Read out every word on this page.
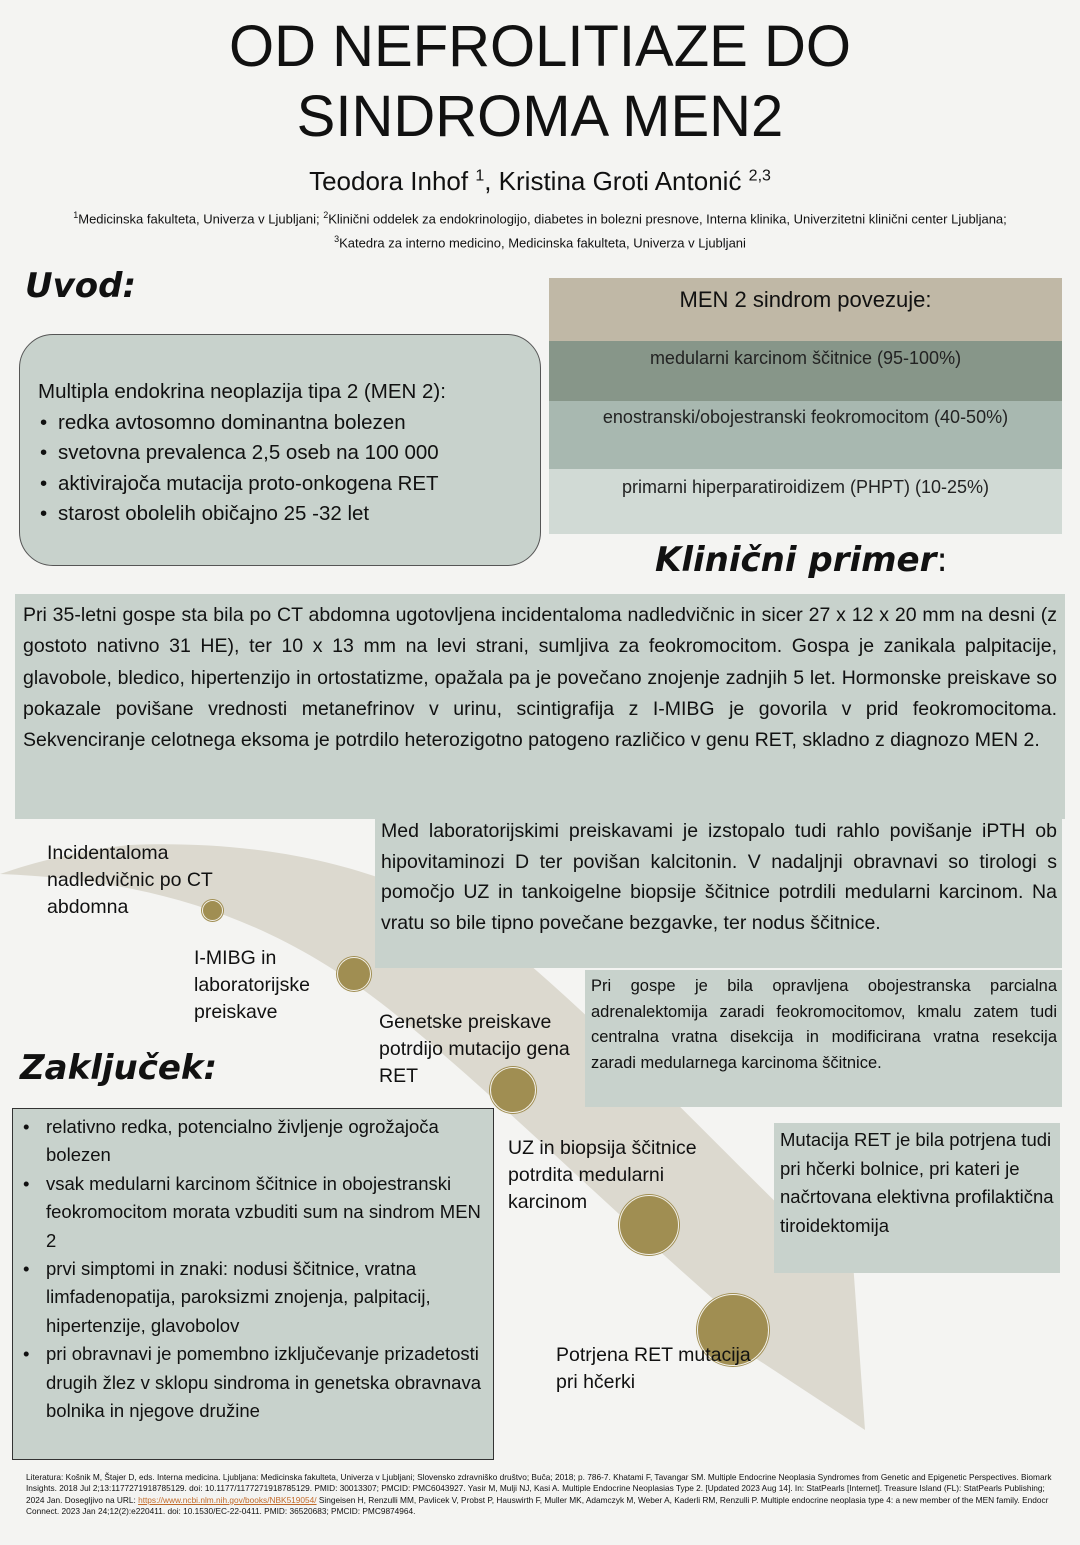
OD NEFROLITIAZE DO
SINDROMA MEN2
Teodora Inhof $^1$, Kristina Groti Antonić $^{2,3}$
$^1$Medicinska fakulteta, Univerza v Ljubljani; $^2$Klinični oddelek za endokrinologijo, diabetes in bolezni presnove, Interna klinika, Univerzitetni klinični center Ljubljana; $^3$Katedra za interno medicino, Medicinska fakulteta, Univerza v Ljubljani
Uvod:
Multipla endokrina neoplazija tipa 2 (MEN 2):
• redka avtosomno dominantna bolezen
• svetovna prevalenca 2,5 oseb na 100 000
• aktivirajoča mutacija proto-onkogena RET
• starost obolelih običajno 25 -32 let
MEN 2 sindrom povezuje:
medularni karcinom ščitnice (95-100%)
enostranski/obojestranski feokromocitom (40-50%)
primarni hiperparatiroidizem (PHPT) (10-25%)
Klinični primer:

Pri 35-letni gospe sta bila po CT abdomna ugotovljena incidentaloma nadledvičnic in sicer 27 x 12 x 20 mm na desni (z gostoto nativno 31 HE), ter 10 x 13 mm na levi strani, sumljiva za feokromocitom. Gospa je zanikala palpitacije, glavobole, bledico, hipertenzijo in ortostatizme, opažala pa je povečano znojenje zadnjih 5 let. Hormonske preiskave so pokazale povišane vrednosti metanefrinov v urinu, scintigrafija z I-MIBG je govorila v prid feokromocitoma. Sekvenciranje celotnega eksoma je potrdilo heterozigotno patogeno različico v genu RET, skladno z diagnozo MEN 2.

Incidentaloma nadledvičnic po CT abdomna
I-MIBG in laboratorijske preiskave	Genetske preiskave potrdijo mutacijo gena RET
UZ in biopsija ščitnice potrdita medularni karcinom
Potrjena RET mutacija pri hčerki

Med laboratorijskimi preiskavami je izstopalo tudi rahlo povišanje iPTH ob hipovitaminozi D ter povišan kalcitonin. V nadaljnji obravnavi so tirologi s pomočjo UZ in tankoigelne biopsije ščitnice potrdili medularni karcinom. Na vratu so bile tipno povečane bezgavke, ter nodus ščitnice.

Pri gospe je bila opravljena obojestranska parcialna adrenalektomija zaradi feokromocitomov, kmalu zatem tudi centralna vratna disekcija in modificirana vratna resekcija zaradi medularnega karcinoma ščitnice.

Mutacija RET je bila potrjena tudi pri hčerki bolnice, pri kateri je načrtovana elektivna profilaktična tiroidektomija

Zaključek:
• relativno redka, potencialno življenje ogrožajoča bolezen
• vsak medularni karcinom ščitnice in obojestranski feokromocitom morata vzbuditi sum na sindrom MEN 2
• prvi simptomi in znaki: nodusi ščitnice, vratna limfadenopatija, paroksizmi znojenja, palpitacij, hipertenzije, glavobolov
• pri obravnavi je pomembno izključevanje prizadetosti drugih žlez v sklopu sindroma in genetska obravnava bolnika in njegove družine
Literatura: Košnik M, Štajer D, eds. Interna medicina. Ljubljana: Medicinska fakulteta, Univerza v Ljubljani; Slovensko zdravniško društvo; Buča; 2018; p. 786-7. Khatami F, Tavangar SM. Multiple Endocrine Neoplasia Syndromes from Genetic and Epigenetic Perspectives. Biomark Insights. 2018 Jul 2;13:1177271918785129. doi: 10.1177/1177271918785129. PMID: 30013307; PMCID: PMC6043927. Yasir M, Mulji NJ, Kasi A. Multiple Endocrine Neoplasias Type 2. [Updated 2023 Aug 14]. In: StatPearls [Internet]. Treasure Island (FL): StatPearls Publishing; 2024 Jan. Dosegljivo na URL: https://www.ncbi.nlm.nih.gov/books/NBK519054/ Singeisen H, Renzulli MM, Pavlicek V, Probst P, Hauswirth F, Muller MK, Adamczyk M, Weber A, Kaderli RM, Renzulli P. Multiple endocrine neoplasia type 4: a new member of the MEN family. Endocr Connect. 2023 Jan 24;12(2):e220411. doi: 10.1530/EC-22-0411. PMID: 36520683; PMCID: PMC9874964.
